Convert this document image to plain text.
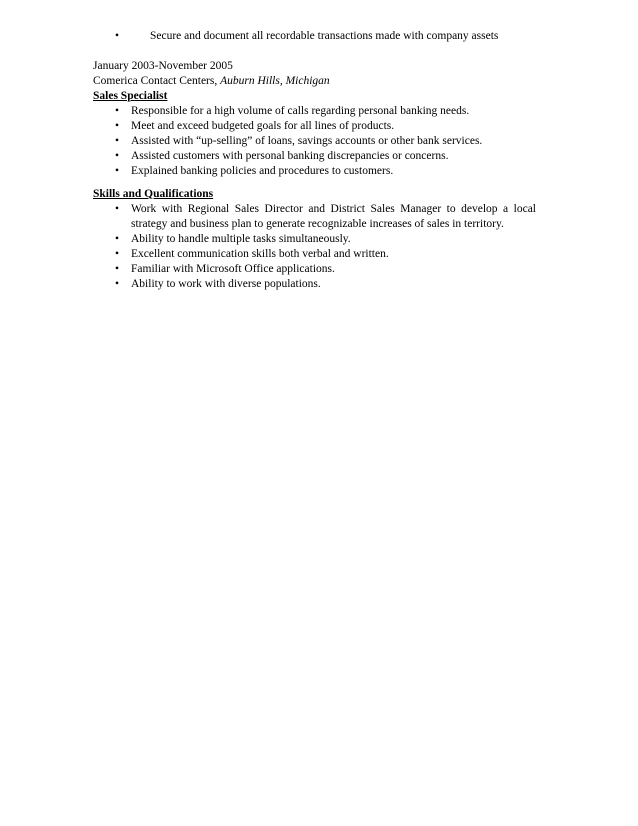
•	Secure and document all recordable transactions made with company assets
January 2003-November 2005
Comerica Contact Centers, Auburn Hills, Michigan
Sales Specialist
• Responsible for a high volume of calls regarding personal banking needs.
• Meet and exceed budgeted goals for all lines of products.
• Assisted with “up-selling” of loans, savings accounts or other bank services.
• Assisted customers with personal banking discrepancies or concerns.
• Explained banking policies and procedures to customers.
Skills and Qualifications
• Work with Regional Sales Director and District Sales Manager to develop a local strategy and business plan to generate recognizable increases of sales in territory.
• Ability to handle multiple tasks simultaneously.
• Excellent communication skills both verbal and written.
• Familiar with Microsoft Office applications.
• Ability to work with diverse populations.
